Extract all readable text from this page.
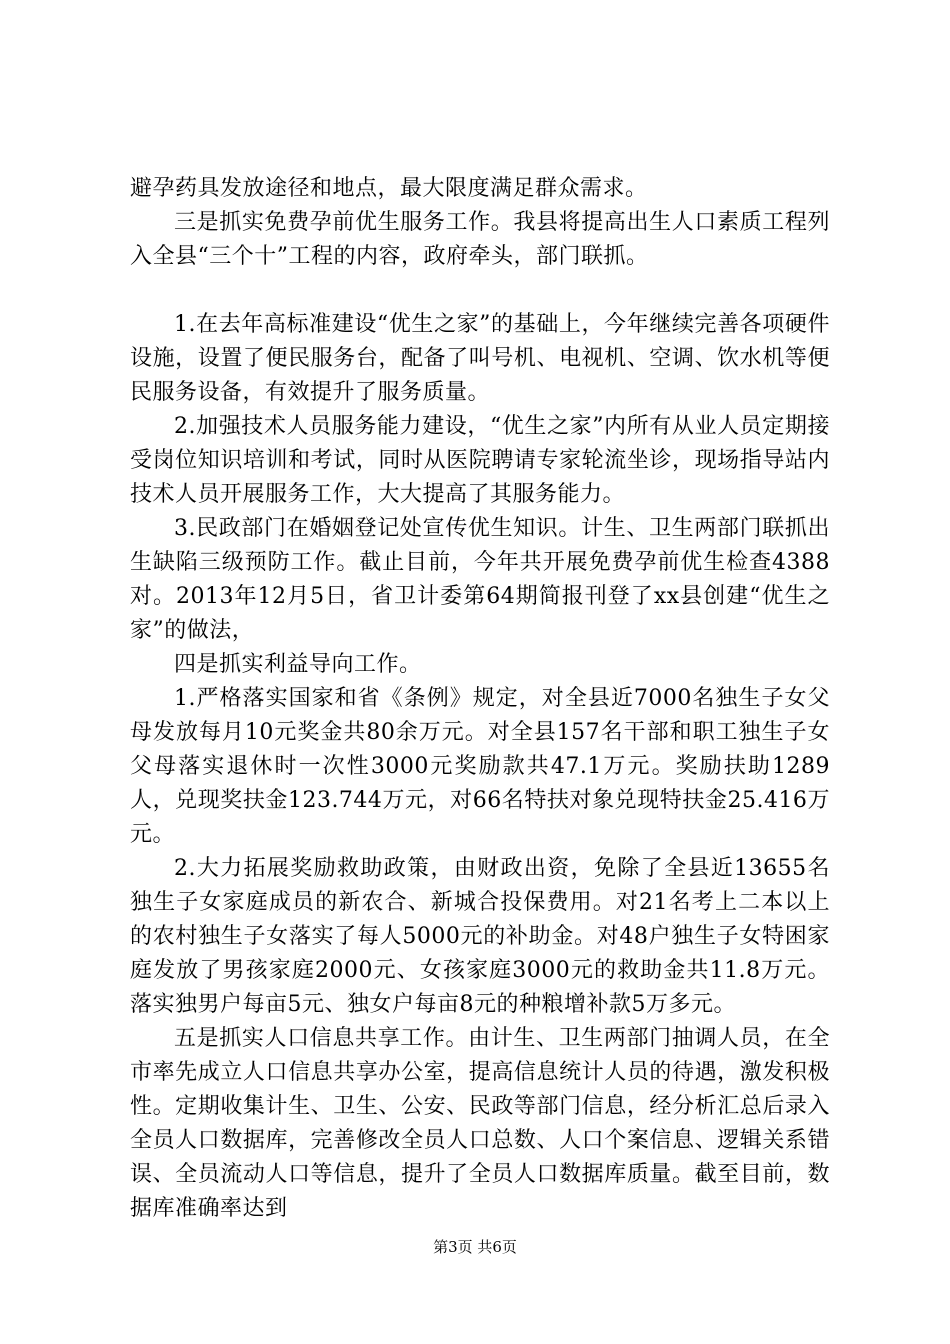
避孕药具发放途径和地点，最大限度满足群众需求。

三是抓实免费孕前优生服务工作。我县将提高出生人口素质工程列入全县“三个十”工程的内容，政府牵头，部门联抓。

1.在去年高标准建设“优生之家”的基础上，今年继续完善各项硬件设施，设置了便民服务台，配备了叫号机、电视机、空调、饮水机等便民服务设备，有效提升了服务质量。

2.加强技术人员服务能力建设，“优生之家”内所有从业人员定期接受岗位知识培训和考试，同时从医院聘请专家轮流坐诊，现场指导站内技术人员开展服务工作，大大提高了其服务能力。

3.民政部门在婚姻登记处宣传优生知识。计生、卫生两部门联抓出生缺陷三级预防工作。截止目前，今年共开展免费孕前优生检查4388对。2013年12月5日，省卫计委第64期简报刊登了xx县创建“优生之家”的做法，

四是抓实利益导向工作。

1.严格落实国家和省《条例》规定，对全县近7000名独生子女父母发放每月10元奖金共80余万元。对全县157名干部和职工独生子女父母落实退休时一次性3000元奖励款共47.1万元。奖励扶助1289人，兑现奖扶金123.744万元，对66名特扶对象兑现特扶金25.416万元。

2.大力拓展奖励救助政策，由财政出资，免除了全县近13655名独生子女家庭成员的新农合、新城合投保费用。对21名考上二本以上的农村独生子女落实了每人5000元的补助金。对48户独生子女特困家庭发放了男孩家庭2000元、女孩家庭3000元的救助金共11.8万元。落实独男户每亩5元、独女户每亩8元的种粮增补款5万多元。

五是抓实人口信息共享工作。由计生、卫生两部门抽调人员，在全市率先成立人口信息共享办公室，提高信息统计人员的待遇，激发积极性。定期收集计生、卫生、公安、民政等部门信息，经分析汇总后录入全员人口数据库，完善修改全员人口总数、人口个案信息、逻辑关系错误、全员流动人口等信息，提升了全员人口数据库质量。截至目前，数据库准确率达到

第3页 共6页
